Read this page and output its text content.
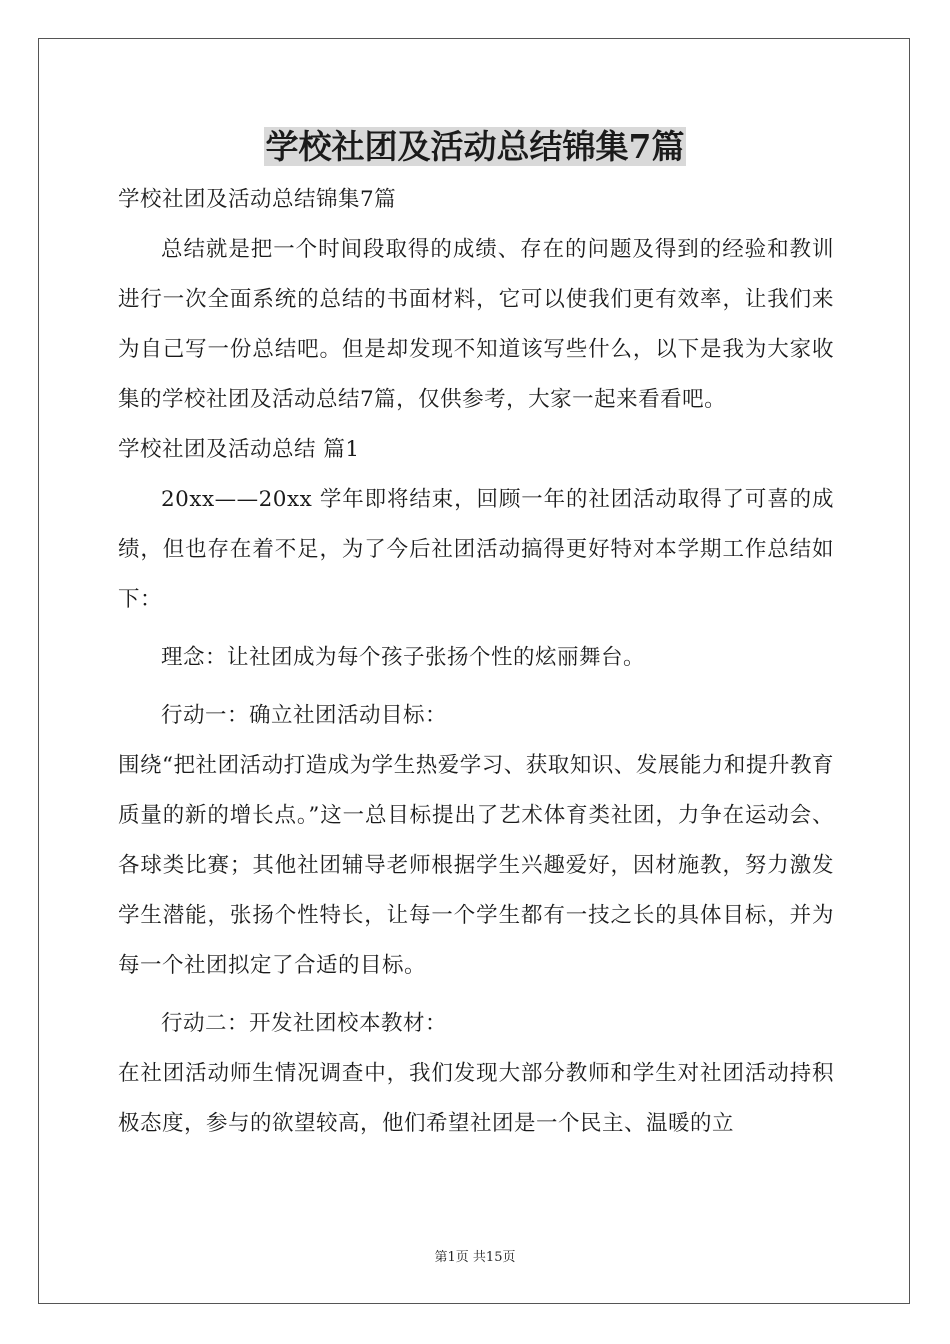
学校社团及活动总结锦集7篇

学校社团及活动总结锦集7篇

总结就是把一个时间段取得的成绩、存在的问题及得到的经验和教训进行一次全面系统的总结的书面材料，它可以使我们更有效率，让我们来为自己写一份总结吧。但是却发现不知道该写些什么，以下是我为大家收集的学校社团及活动总结7篇，仅供参考，大家一起来看看吧。

学校社团及活动总结 篇1

20xx——20xx 学年即将结束，回顾一年的社团活动取得了可喜的成绩，但也存在着不足，为了今后社团活动搞得更好特对本学期工作总结如下：

理念：让社团成为每个孩子张扬个性的炫丽舞台。

行动一：确立社团活动目标：

围绕“把社团活动打造成为学生热爱学习、获取知识、发展能力和提升教育质量的新的增长点。”这一总目标提出了艺术体育类社团，力争在运动会、各球类比赛；其他社团辅导老师根据学生兴趣爱好，因材施教，努力激发学生潜能，张扬个性特长，让每一个学生都有一技之长的具体目标，并为每一个社团拟定了合适的目标。

行动二：开发社团校本教材：

在社团活动师生情况调查中，我们发现大部分教师和学生对社团活动持积极态度，参与的欲望较高，他们希望社团是一个民主、温暖的立

第1页 共15页
